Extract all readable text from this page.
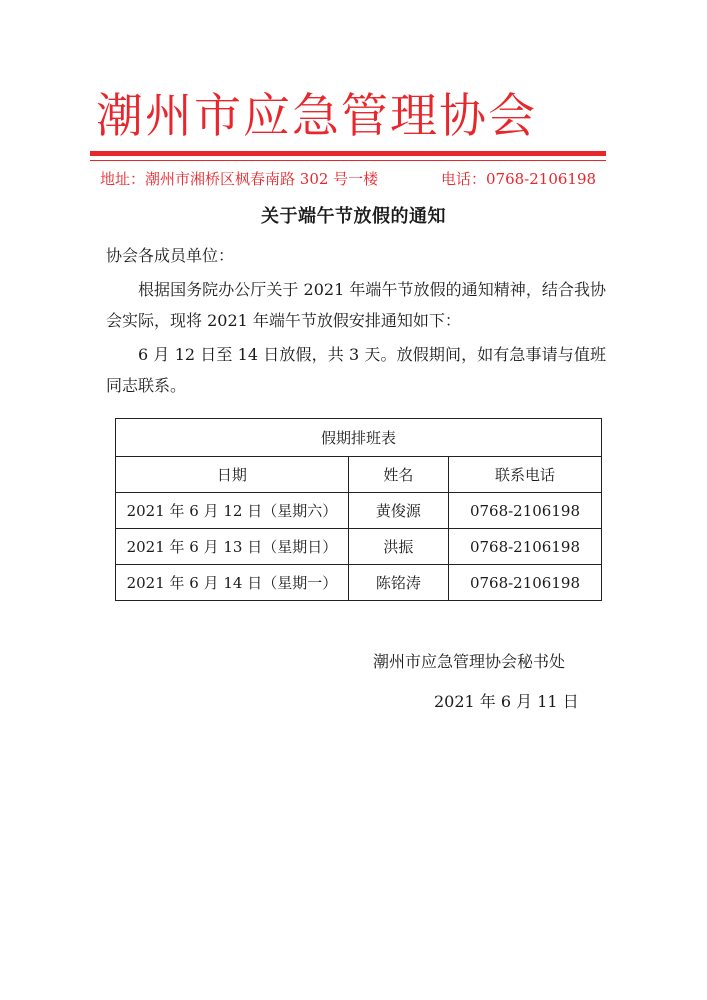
潮州市应急管理协会
地址：潮州市湘桥区枫春南路 302 号一楼	电话：0768-2106198
关于端午节放假的通知
协会各成员单位：
根据国务院办公厅关于 2021 年端午节放假的通知精神，结合我协会实际，现将 2021 年端午节放假安排通知如下：
6 月 12 日至 14 日放假，共 3 天。放假期间，如有急事请与值班同志联系。
假期排班表		
日期	姓名	联系电话
2021 年 6 月 12 日（星期六）	黄俊源	0768-2106198
2021 年 6 月 13 日（星期日）	洪振	0768-2106198
2021 年 6 月 14 日（星期一）	陈铭涛	0768-2106198
潮州市应急管理协会秘书处
2021 年 6 月 11 日
